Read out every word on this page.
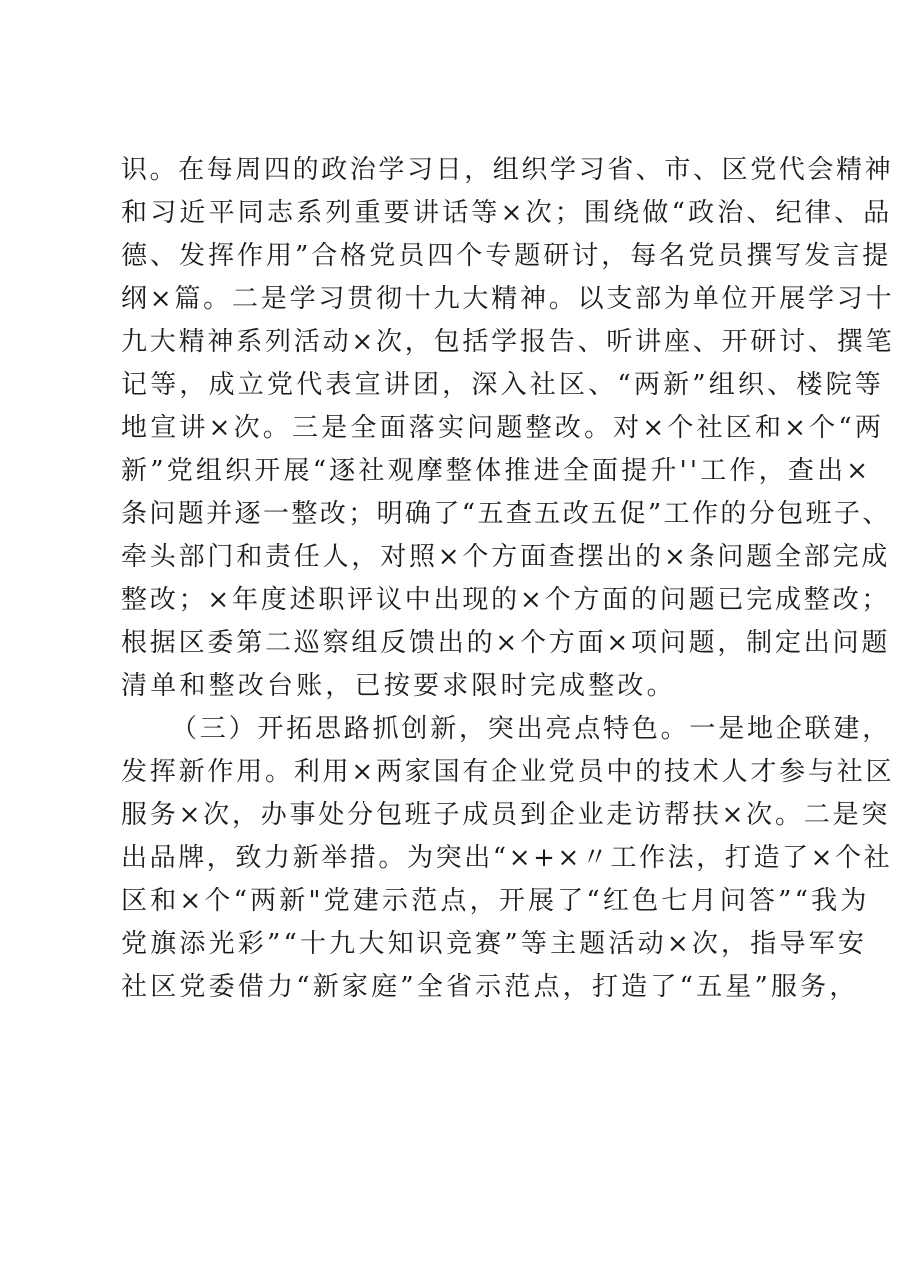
识。在每周四的政治学习日，组织学习省、市、区党代会精神
和习近平同志系列重要讲话等×次；围绕做“政治、纪律、品
德、发挥作用”合格党员四个专题研讨，每名党员撰写发言提
纲×篇。二是学习贯彻十九大精神。以支部为单位开展学习十
九大精神系列活动×次，包括学报告、听讲座、开研讨、撰笔
记等，成立党代表宣讲团，深入社区、“两新”组织、楼院等
地宣讲×次。三是全面落实问题整改。对×个社区和×个“两
新”党组织开展“逐社观摩整体推进全面提升''工作，查出×
条问题并逐一整改；明确了“五查五改五促”工作的分包班子、
牵头部门和责任人，对照×个方面查摆出的×条问题全部完成
整改；×年度述职评议中出现的×个方面的问题已完成整改；
根据区委第二巡察组反馈出的×个方面×项问题，制定出问题
清单和整改台账，已按要求限时完成整改。
（三）开拓思路抓创新，突出亮点特色。一是地企联建，
发挥新作用。利用×两家国有企业党员中的技术人才参与社区
服务×次，办事处分包班子成员到企业走访帮扶×次。二是突
出品牌，致力新举措。为突出“×+×〃工作法，打造了×个社
区和×个“两新"党建示范点，开展了“红色七月问答”“我为
党旗添光彩”“十九大知识竞赛”等主题活动×次，指导军安
社区党委借力“新家庭”全省示范点，打造了“五星”服务，
